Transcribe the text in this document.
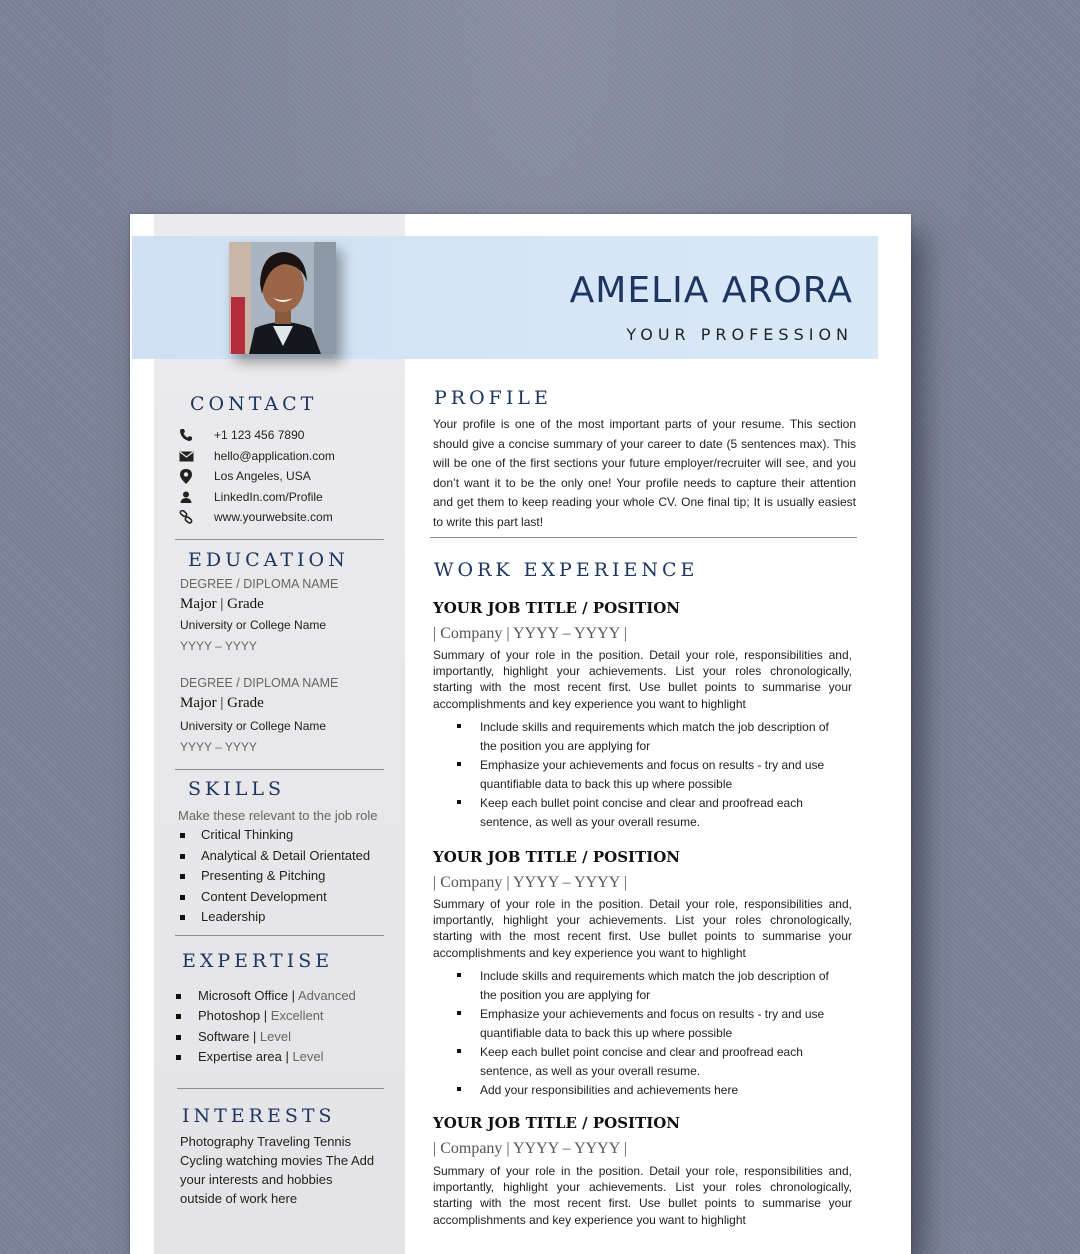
AMELIA ARORA
YOUR PROFESSION
CONTACT
+1 123 456 7890
hello@application.com
Los Angeles, USA
LinkedIn.com/Profile
www.yourwebsite.com
EDUCATION
DEGREE / DIPLOMA NAME
Major | Grade
University or College Name
YYYY – YYYY
DEGREE / DIPLOMA NAME
Major | Grade
University or College Name
YYYY – YYYY
SKILLS
Make these relevant to the job role
Critical Thinking
Analytical & Detail Orientated
Presenting & Pitching
Content Development
Leadership
EXPERTISE
Microsoft Office | Advanced
Photoshop | Excellent
Software | Level
Expertise area | Level
INTERESTS
Photography Traveling Tennis
Cycling watching movies The Add
your interests and hobbies
outside of work here
PROFILE
Your profile is one of the most important parts of your resume. This section
should give a concise summary of your career to date (5 sentences max). This
will be one of the first sections your future employer/recruiter will see, and you
don’t want it to be the only one! Your profile needs to capture their attention
and get them to keep reading your whole CV. One final tip; It is usually easiest
to write this part last!
WORK EXPERIENCE
YOUR JOB TITLE / POSITION
| Company | YYYY – YYYY |
Summary of your role in the position. Detail your role, responsibilities and,
importantly, highlight your achievements. List your roles chronologically,
starting with the most recent first. Use bullet points to summarise your
accomplishments and key experience you want to highlight
Include skills and requirements which match the job description of
the position you are applying for
Emphasize your achievements and focus on results - try and use
quantifiable data to back this up where possible
Keep each bullet point concise and clear and proofread each
sentence, as well as your overall resume.
YOUR JOB TITLE / POSITION
| Company | YYYY – YYYY |
Summary of your role in the position. Detail your role, responsibilities and,
importantly, highlight your achievements. List your roles chronologically,
starting with the most recent first. Use bullet points to summarise your
accomplishments and key experience you want to highlight
Include skills and requirements which match the job description of
the position you are applying for
Emphasize your achievements and focus on results - try and use
quantifiable data to back this up where possible
Keep each bullet point concise and clear and proofread each
sentence, as well as your overall resume.
Add your responsibilities and achievements here
YOUR JOB TITLE / POSITION
| Company | YYYY – YYYY |
Summary of your role in the position. Detail your role, responsibilities and,
importantly, highlight your achievements. List your roles chronologically,
starting with the most recent first. Use bullet points to summarise your
accomplishments and key experience you want to highlight
